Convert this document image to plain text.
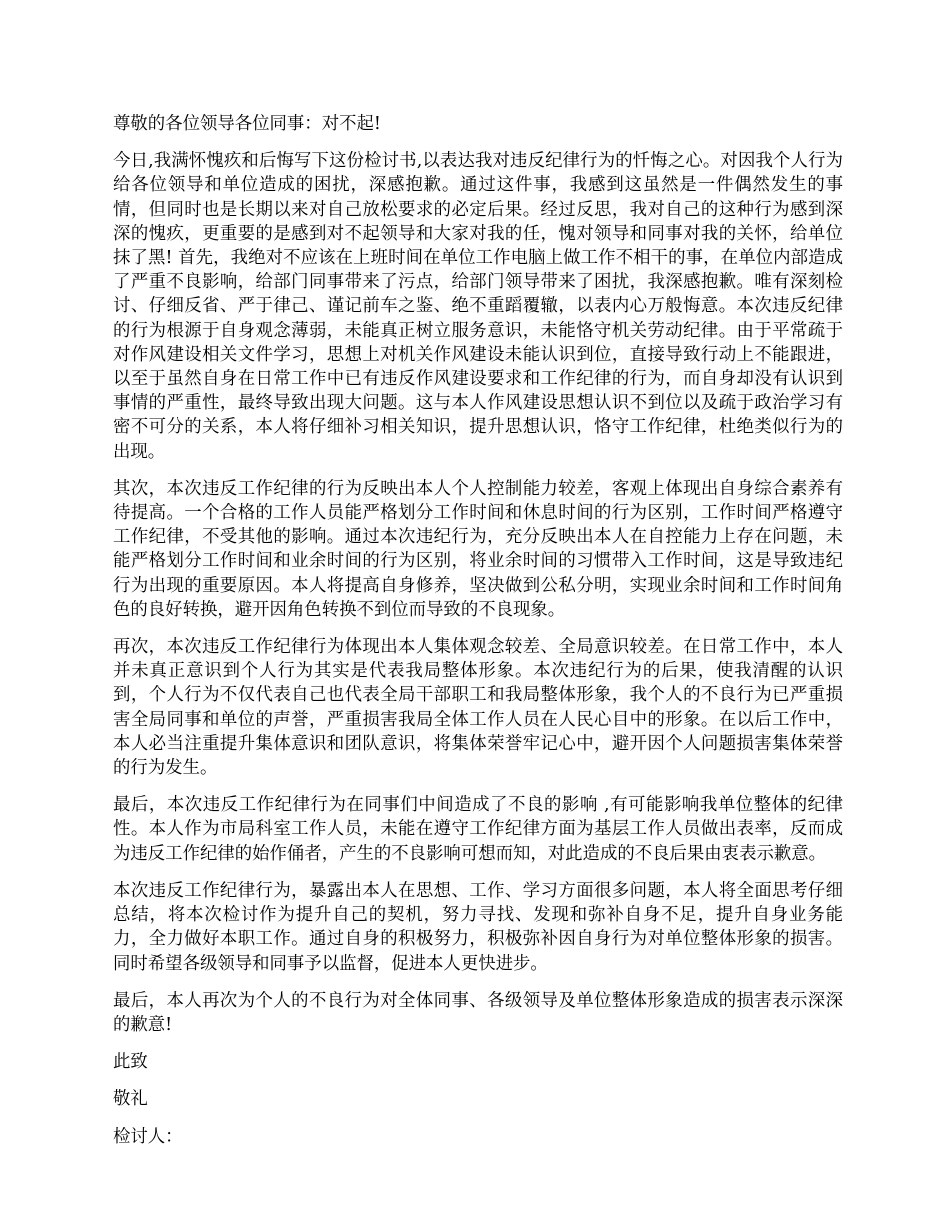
尊敬的各位领导各位同事：对不起!

今日,我满怀愧疚和后悔写下这份检讨书,以表达我对违反纪律行为的忏悔之心。对因我个人行为给各位领导和单位造成的困扰，深感抱歉。通过这件事，我感到这虽然是一件偶然发生的事情，但同时也是长期以来对自己放松要求的必定后果。经过反思，我对自己的这种行为感到深深的愧疚，更重要的是感到对不起领导和大家对我的任，愧对领导和同事对我的关怀，给单位抹了黑! 首先，我绝对不应该在上班时间在单位工作电脑上做工作不相干的事，在单位内部造成了严重不良影响，给部门同事带来了污点，给部门领导带来了困扰，我深感抱歉。唯有深刻检讨、仔细反省、严于律己、谨记前车之鉴、绝不重蹈覆辙，以表内心万般悔意。本次违反纪律的行为根源于自身观念薄弱，未能真正树立服务意识，未能恪守机关劳动纪律。由于平常疏于对作风建设相关文件学习，思想上对机关作风建设未能认识到位，直接导致行动上不能跟进，以至于虽然自身在日常工作中已有违反作风建设要求和工作纪律的行为，而自身却没有认识到事情的严重性，最终导致出现大问题。这与本人作风建设思想认识不到位以及疏于政治学习有密不可分的关系，本人将仔细补习相关知识，提升思想认识，恪守工作纪律，杜绝类似行为的出现。

其次，本次违反工作纪律的行为反映出本人个人控制能力较差，客观上体现出自身综合素养有待提高。一个合格的工作人员能严格划分工作时间和休息时间的行为区别，工作时间严格遵守工作纪律，不受其他的影响。通过本次违纪行为，充分反映出本人在自控能力上存在问题，未能严格划分工作时间和业余时间的行为区别，将业余时间的习惯带入工作时间，这是导致违纪行为出现的重要原因。本人将提高自身修养，坚决做到公私分明，实现业余时间和工作时间角色的良好转换，避开因角色转换不到位而导致的不良现象。

再次，本次违反工作纪律行为体现出本人集体观念较差、全局意识较差。在日常工作中，本人并未真正意识到个人行为其实是代表我局整体形象。本次违纪行为的后果，使我清醒的认识到，个人行为不仅代表自己也代表全局干部职工和我局整体形象，我个人的不良行为已严重损害全局同事和单位的声誉，严重损害我局全体工作人员在人民心目中的形象。在以后工作中，本人必当注重提升集体意识和团队意识，将集体荣誉牢记心中，避开因个人问题损害集体荣誉的行为发生。

最后，本次违反工作纪律行为在同事们中间造成了不良的影响 ,有可能影响我单位整体的纪律性。本人作为市局科室工作人员，未能在遵守工作纪律方面为基层工作人员做出表率，反而成为违反工作纪律的始作俑者，产生的不良影响可想而知，对此造成的不良后果由衷表示歉意。

本次违反工作纪律行为，暴露出本人在思想、工作、学习方面很多问题，本人将全面思考仔细总结，将本次检讨作为提升自己的契机，努力寻找、发现和弥补自身不足，提升自身业务能力，全力做好本职工作。通过自身的积极努力，积极弥补因自身行为对单位整体形象的损害。同时希望各级领导和同事予以监督，促进本人更快进步。

最后，本人再次为个人的不良行为对全体同事、各级领导及单位整体形象造成的损害表示深深的歉意!

此致

敬礼

检讨人：
